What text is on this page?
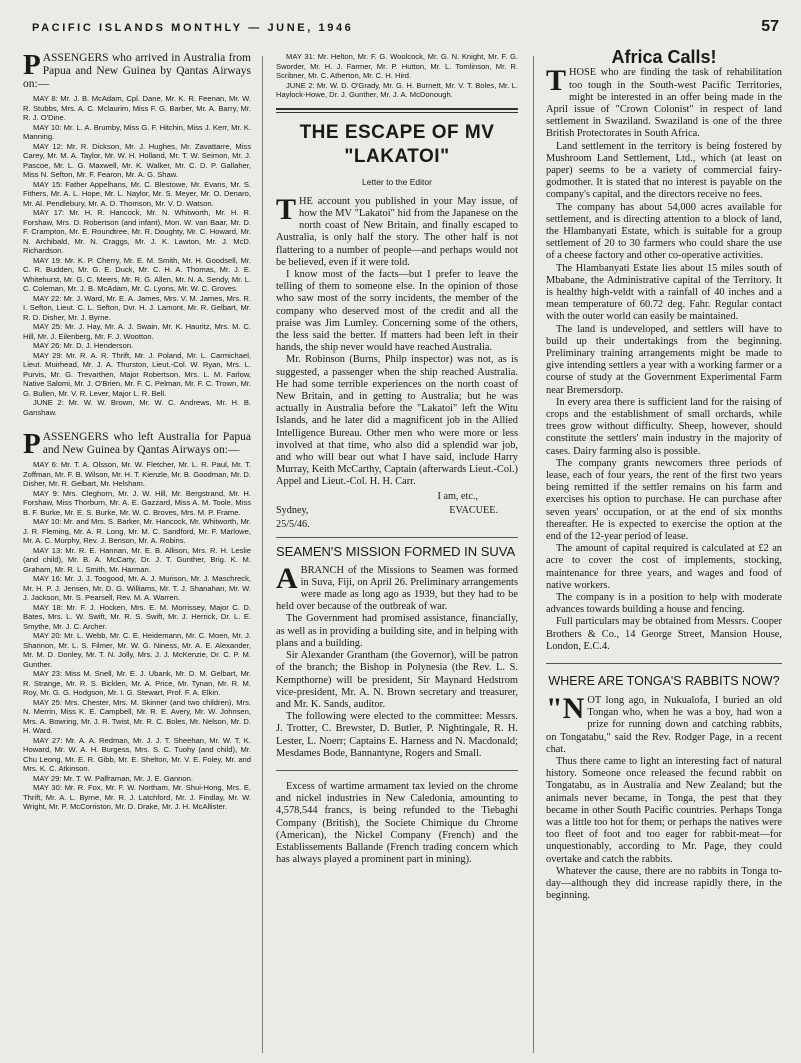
PACIFIC ISLANDS MONTHLY — JUNE, 1946	57
PASSENGERS who arrived in Australia from Papua and New Guinea by Qantas Airways on:—

MAY 8: Mr. J. B. McAdam, Cpl. Dane, Mr. K. R. Feenan, Mr. W. R. Stubbs, Mrs. A. C. Mclaurim, Miss F. G. Barber, Mr. A. Barry, Mr. R. J. O'Dine.

MAY 10: Mr. L. A. Brumby, Miss G. F. Hitchin, Miss J. Kerr, Mr. K. Manning.

MAY 12: Mr. R. Dickson, Mr. J. Hughes, Mr. Zavattarre, Miss Carey, Mr. M. A. Taylor, Mr. W. H. Holland, Mr. T. W. Seimon, Mr. J. Pascoe, Mr. L. G. Maxwell, Mr. K. Walker, Mr. C. D. P. Gallaher, Miss N. Sefton, Mr. F. Fearon, Mr. A. G. Shaw.

MAY 15: Father Appelhans, Mr. C. Blestowe, Mr. Evans, Mr. S. Fithers, Mr. A. L. Hope, Mr. L. Naylor, Mr. S. Meyer, Mr. O. Denaro, Mr. Al. Pendlebury, Mr. A. D. Thomson, Mr. V. D. Watson.

MAY 17: Mr. H. R. Hancock, Mr. N. Whitworth, Mr. H. R. Forshaw, Mrs. D. Robertson (and infant), Mon. W. van Baar, Mr. D. F. Crampton, Mr. E. Roundtree, Mr. R. Doughty, Mr. C. Howard, Mr. N. Archibald, Mr. N. Craggs, Mr. J. K. Lawton, Mr. J. McD. Richardson.

MAY 19: Mr. K. P. Cherry, Mr. E. M. Smith, Mr. H. Goodsell, Mr. C. R. Budden, Mr. G. E. Duck, Mr. C. H. A. Thomas, Mr. J. E. Whitehurst, Mr. G. C. Meers, Mr. R. G. Allen, Mr. N. A. Sendy, Mr. L. C. Coleman, Mr. J. B. McAdam, Mr. C. Lyons, Mr. W. C. Groves.

MAY 22: Mr. J. Ward, Mr. E. A. James, Mrs. V. M. James, Mrs. R. I. Sefton, Lieut. C. L. Sefton, Dvr. H. J. Lamont, Mr. R. Gelbart, Mr. R. D. Disher, Mr. J. Byrne.

MAY 25: Mr. J. Hay, Mr. A. J. Swain, Mr. K. Hauritz, Mrs. M. C. Hill, Mr. J. Eilenberg, Mr. F. J. Wootton.

MAY 26: Mr. D. J. Henderson.

MAY 29: Mr. R. A. R. Thrift, Mr. J. Poland, Mr. L. Carmichael, Lieut. Muirhead, Mr. J. A. Thurston, Lieut.-Col. W. Ryan, Mrs. L. Purvis, Mr. G. Trevarthen, Major Robertson, Mrs. L. M. Farlow, Native Salomi, Mr. J. O'Brien, Mr. F. C. Pelman, Mr. F. C. Trown, Mr. G. Bullen, Mr. V. R. Lever, Major L. R. Bell.

JUNE 2: Mr. W. W. Brown, Mr. W. C. Andrews, Mr. H. B. Ganshaw.

PASSENGERS who left Australia for Papua and New Guinea by Qantas Airways on:—

MAY 6: Mr. T. A. Olsson, Mr. W. Fletcher, Mr. L. R. Paul, Mr. T. Zoffman, Mr. F. B. Wilson, Mr. H. T. Kienzle, Mr. B. Goodman, Mr. D. Disher, Mr. R. Gelbart, Mr. Helsham.

MAY 9: Mrs. Cleghorn, Mr. J. W. Hill, Mr. Bergstrand, Mr. H. Forshaw, Miss Thorburn, Mr. A. E. Gazzard, Miss A. M. Toole, Miss B. F. Burke, Mr. E. S. Burke, Mr. W. C. Broves, Mrs. M. P. Frame.

MAY 10: Mr. and Mrs. S. Barker, Mr. Hancock, Mr. Whitworth, Mr. J. R. Fleming, Mr. A. R. Long, Mr. M. C. Sandford, Mr. F. Marlowe, Mr. A. C. Murphy, Rev. J. Benson, Mr. A. Robins.

MAY 13: Mr. R. E. Hannan, Mr. E. B. Allison, Mrs. R. H. Leslie (and child), Mr. B. A. McCarty, Dr. J. T. Gunther, Brig. K. M. Graham, Mr. R. L. Smith, Mr. Harman.

MAY 16: Mr. J. J. Toogood, Mr. A. J. Murison, Mr. J. Maschreck, Mr. H. P. J. Jensen, Mr. D. G. Williams, Mr. T. J. Shanahan, Mr. W. J. Jackson, Mr. S. Pearsell, Rev. M. A. Warren.

MAY 18: Mr. F. J. Hocken, Mrs. E. M. Morrissey, Major C. D. Bates, Mrs. L. W. Swift, Mr. R. S. Swift, Mr. J. Herrick, Dr. L. E. Smythe, Mr. J. C. Archer.

MAY 20: Mr. L. Webb, Mr. C. E. Heidemann, Mr. C. Moen, Mr. J. Shannon, Mr. L. S. Filmer, Mr. W. G. Niness, Mr. A. E. Alexander, Mr. M. D. Donley, Mr. T. N. Jolly, Mrs. J. J. McKenzie, Dr. C. P. M. Gunther.

MAY 23: Miss M. Snell, Mr. E. J. Ubank, Mr. D. M. Gelbart, Mr. R. Strange, Mr. R. S. Bicklen, Mr. A. Price, Mr. Tynan, Mr. R. M. Roy, Mr. G. G. Hodgson, Mr. I. G. Stewart, Prof. F. A. Elkin.

MAY 25: Mrs. Chester, Mrs. M. Skinner (and two children), Mrs. N. Merrin, Miss K. E. Campbell, Mr. R. E. Avery, Mr. W. Johnsen, Mrs. A. Bowring, Mr. J. R. Twist, Mr. R. C. Boles, Mr. Nelson, Mr. D. H. Ward.

MAY 27: Mr. A. A. Redman, Mr. J. J. T. Sheehan, Mr. W. T. K. Howard, Mr. W. A. H. Burgess, Mrs. S. C. Tuohy (and child), Mr. Chu Leong, Mr. E. R. Gibb, Mr. E. Shelton, Mr. V. E. Foley, Mr. and Mrs. K. C. Atkinson.

MAY 29: Mr. T. W. Palframan, Mr. J. E. Gannon.

MAY 30: Mr. R. Fox, Mr. F. W. Northam, Mr. Shui-Hong, Mrs. E. Thrift, Mr. A. L. Byrne, Mr. R. J. Latchford, Mr. J. Findlay, Mr. W. Wright, Mr. P. McCorriston, Mr. D. Drake, Mr. J. H. McAllister.

MAY 31: Mr. Helton, Mr. F. G. Woolcock, Mr. G. N. Knight, Mr. F. G. Sworder, Mr. H. J. Farmer, Mr. P. Hutton, Mr. L. Tomlinson, Mr. R. Scribner, Mr. C. Atherton, Mr. C. H. Hird.

JUNE 2: Mr. W. D. O'Grady, Mr. G. H. Burnett, Mr. V. T. Boles, Mr. L. Haylock-Howe, Dr. J. Gunther, Mr. J. A. McDonough.

THE ESCAPE OF MV "LAKATOI"
Letter to the Editor
T HE account you published in your May issue, of how the MV "Lakatoi" hid from the Japanese on the north coast of New Britain, and finally escaped to Australia, is only half the story. The other half is not flattering to a number of people—and perhaps would not be believed, even if it were told.

I know most of the facts—but I prefer to leave the telling of them to someone else. In the opinion of those who saw most of the sorry incidents, the member of the company who deserved most of the credit and all the praise was Jim Lumley. Concerning some of the others, the less said the better. If matters had been left in their hands, the ship never would have reached Australia.

Mr. Robinson (Burns, Philp inspector) was not, as is suggested, a passenger when the ship reached Australia. He had some terrible experiences on the north coast of New Britain, and in getting to Australia; but he was actually in Australia before the "Lakatoi" left the Witu Islands, and he later did a magnificent job in the Allied Intelligence Bureau. Other men who were more or less involved at that time, who also did a splendid war job, and who will bear out what I have said, include Harry Murray, Keith McCarthy, Captain (afterwards Lieut.-Col.) Appel and Lieut.-Col. H. H. Carr.

I am, etc.,
Sydney,	EVACUEE.
25/5/46.
SEAMEN'S MISSION FORMED IN SUVA
A BRANCH of the Missions to Seamen was formed in Suva, Fiji, on April 26. Preliminary arrangements were made as long ago as 1939, but they had to be held over because of the outbreak of war.

The Government had promised assistance, financially, as well as in providing a building site, and in helping with plans and a building.

Sir Alexander Grantham (the Governor), will be patron of the branch; the Bishop in Polynesia (the Rev. L. S. Kempthorne) will be president, Sir Maynard Hedstrom vice-president, Mr. A. N. Brown secretary and treasurer, and Mr. K. Sands, auditor.

The following were elected to the committee: Messrs. J. Trotter, C. Brewster, D. Butler, P. Nightingale, R. H. Lester, L. Noerr; Captains E. Harness and N. Macdonald; Mesdames Bode, Bannantyne, Rogers and Small.

Excess of wartime armament tax levied on the chrome and nickel industries in New Caledonia, amounting to 4,578,544 francs, is being refunded to the Tiebaghi Company (British), the Societe Chimique du Chrome (American), the Nickel Company (French) and the Establissements Ballande (French trading concern which has always played a prominent part in mining).

Africa Calls!
T HOSE who are finding the task of rehabilitation too tough in the South-west Pacific Territories, might be interested in an offer being made in the April issue of "Crown Colonist" in respect of land settlement in Swaziland. Swaziland is one of the three British Protectorates in South Africa.

Land settlement in the territory is being fostered by Mushroom Land Settlement, Ltd., which (at least on paper) seems to be a variety of commercial fairy-godmother. It is stated that no interest is payable on the company's capital, and the directors receive no fees.

The company has about 54,000 acres available for settlement, and is directing attention to a block of land, the Hlambanyati Estate, which is suitable for a group settlement of 20 to 30 farmers who could share the use of a cheese factory and other co-operative activities.

The Hlambanyati Estate lies about 15 miles south of Mbabane, the Administrative capital of the Territory. It is healthy high-veldt with a rainfall of 40 inches and a mean temperature of 60.72 deg. Fahr. Regular contact with the outer world can easily be maintained.

The land is undeveloped, and settlers will have to build up their undertakings from the beginning. Preliminary training arrangements might be made to give intending settlers a year with a working farmer or a course of study at the Government Experimental Farm near Bremersdorp.

In every area there is sufficient land for the raising of crops and the establishment of small orchards, while trees grow without difficulty. Sheep, however, should constitute the settlers' main industry in the majority of cases. Dairy farming also is possible.

The company grants newcomers three periods of lease, each of four years, the rent of the first two years being remitted if the settler remains on his farm and exercises his option to purchase. He can purchase after seven years' occupation, or at the end of six months thereafter. He is expected to exercise the option at the end of the 12-year period of lease.

The amount of capital required is calculated at £2 an acre to cover the cost of implements, stocking, maintenance for three years, and wages and food of native workers.

The company is in a position to help with moderate advances towards building a house and fencing.

Full particulars may be obtained from Messrs. Cooper Brothers & Co., 14 George Street, Mansion House, London, E.C.4.

WHERE ARE TONGA'S RABBITS NOW?
"N OT long ago, in Nukualofa, I buried an old Tongan who, when he was a boy, had won a prize for running down and catching rabbits, on Tongatabu," said the Rev. Rodger Page, in a recent chat.

Thus there came to light an interesting fact of natural history. Someone once released the fecund rabbit on Tongatabu, as in Australia and New Zealand; but the animals never became, in Tonga, the pest that they became in other South Pacific countries. Perhaps Tonga was a little too hot for them; or perhaps the natives were too fleet of foot and too eager for rabbit-meat—for unquestionably, according to Mr. Page, they could overtake and catch the rabbits.

Whatever the cause, there are no rabbits in Tonga to-day—although they did increase rapidly there, in the beginning.
